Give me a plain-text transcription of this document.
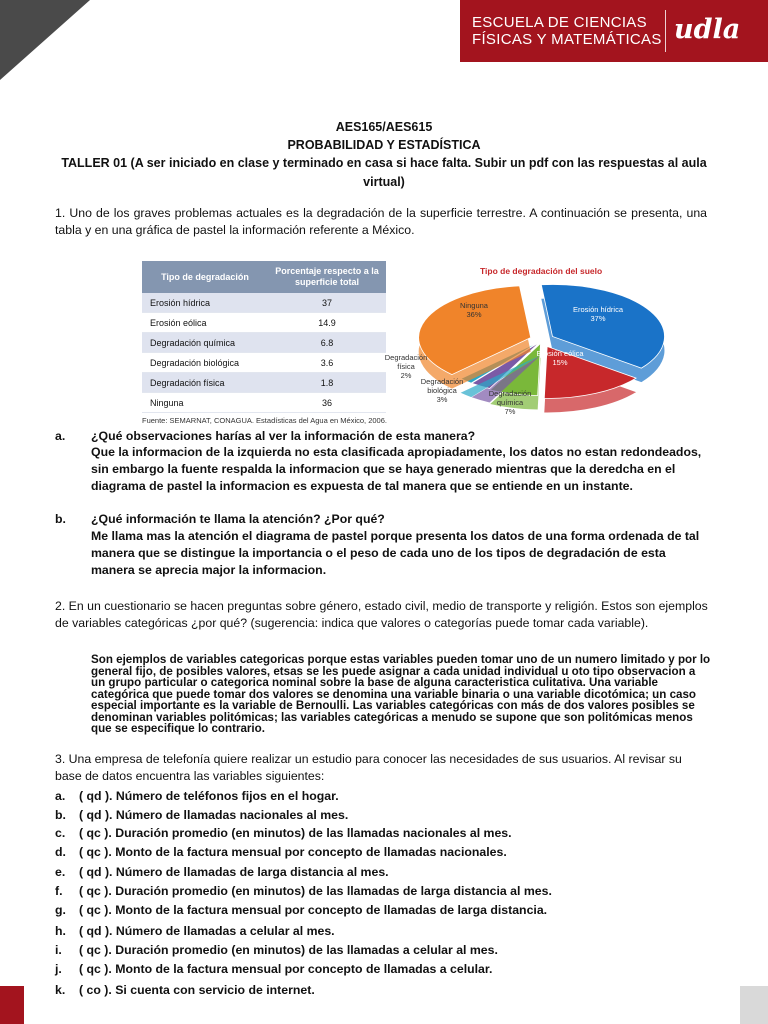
ESCUELA DE CIENCIAS
FÍSICAS Y MATEMÁTICAS udla
AES165/AES615
PROBABILIDAD Y ESTADÍSTICA
TALLER 01 (A ser iniciado en clase y terminado en casa si hace falta. Subir un pdf con las respuestas al aula
virtual)
1. Uno de los graves problemas actuales es la degradación de la superficie terrestre. A continuación se presenta, una tabla y en una gráfica de pastel la información referente a México.
Tipo de degradación	Porcentaje respecto a la superficie total
Erosión hídrica	37
Erosión eólica	14.9
Degradación química	6.8
Degradación biológica	3.6
Degradación física	1.8
Ninguna	36
Fuente: SEMARNAT, CONAGUA. Estadísticas del Agua en México, 2006.
Tipo de degradación del suelo
Erosión hídrica
37%
Erosión eólica
15%
Degradación
química
7%
Degradación
biológica
3%
Degradación
física
2%
Ninguna
36%
a. ¿Qué observaciones harías al ver la información de esta manera?
Que la informacion de la izquierda no esta clasificada apropiadamente, los datos no estan redondeados, sin embargo la fuente respalda la informacion que se haya generado mientras que la deredcha en el diagrama de pastel la informacion es expuesta de tal manera que se entiende en un instante.
b. ¿Qué información te llama la atención? ¿Por qué?
Me llama mas la atención el diagrama de pastel porque presenta los datos de una forma ordenada de tal manera que se distingue la importancia o el peso de cada uno de los tipos de degradación de esta manera se aprecia major la informacion.
2. En un cuestionario se hacen preguntas sobre género, estado civil, medio de transporte y religión. Estos son ejemplos de variables categóricas ¿por qué? (sugerencia: indica que valores o categorías puede tomar cada variable).
Son ejemplos de variables categoricas porque estas variables pueden tomar uno de un numero limitado y por lo general fijo, de posibles valores, etsas se les puede asignar a cada unidad individual u oto tipo observacion a un grupo particular o categorica nominal sobre la base de alguna caracteristica culitativa. Una variable categórica que puede tomar dos valores se denomina una variable binaria o una variable dicotómica; un caso especial importante es la variable de Bernoulli. Las variables categóricas con más de dos valores posibles se denominan variables politómicas; las variables categóricas a menudo se supone que son politómicas menos que se especifique lo contrario.
3. Una empresa de telefonía quiere realizar un estudio para conocer las necesidades de sus usuarios. Al revisar su base de datos encuentra las variables siguientes:
a. ( qd ). Número de teléfonos fijos en el hogar.
b. ( qd ). Número de llamadas nacionales al mes.
c. ( qc ). Duración promedio (en minutos) de las llamadas nacionales al mes.
d. ( qc ). Monto de la factura mensual por concepto de llamadas nacionales.
e. ( qd ). Número de llamadas de larga distancia al mes.
f. ( qc ). Duración promedio (en minutos) de las llamadas de larga distancia al mes.
g. ( qc ). Monto de la factura mensual por concepto de llamadas de larga distancia.
h. ( qd ). Número de llamadas a celular al mes.
i. ( qc ). Duración promedio (en minutos) de las llamadas a celular al mes.
j. ( qc ). Monto de la factura mensual por concepto de llamadas a celular.
k. ( co ). Si cuenta con servicio de internet.
